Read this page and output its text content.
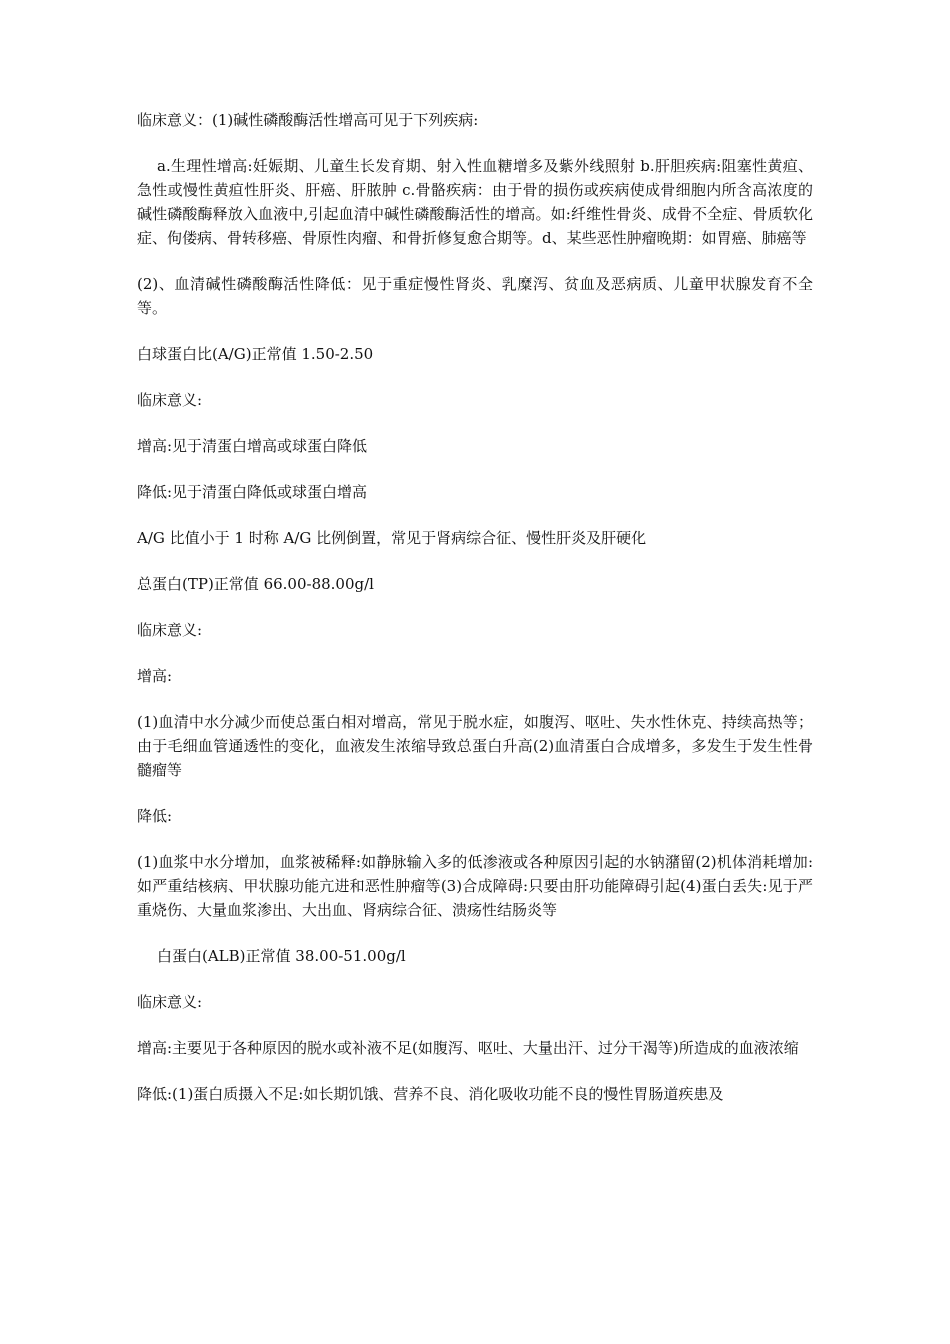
临床意义：(1)碱性磷酸酶活性增高可见于下列疾病:

a.生理性增高:妊娠期、儿童生长发育期、射入性血糖增多及紫外线照射 b.肝胆疾病:阻塞性黄疸、急性或慢性黄疸性肝炎、肝癌、肝脓肿 c.骨骼疾病：由于骨的损伤或疾病使成骨细胞内所含高浓度的碱性磷酸酶释放入血液中,引起血清中碱性磷酸酶活性的增高。如:纤维性骨炎、成骨不全症、骨质软化症、佝偻病、骨转移癌、骨原性肉瘤、和骨折修复愈合期等。d、某些恶性肿瘤晚期：如胃癌、肺癌等

(2)、血清碱性磷酸酶活性降低：见于重症慢性肾炎、乳糜泻、贫血及恶病质、儿童甲状腺发育不全等。

白球蛋白比(A/G)正常值 1.50-2.50

临床意义:

增高:见于清蛋白增高或球蛋白降低

降低:见于清蛋白降低或球蛋白增高

A/G 比值小于 1 时称 A/G 比例倒置，常见于肾病综合征、慢性肝炎及肝硬化

总蛋白(TP)正常值 66.00-88.00g/l

临床意义:

增高:

(1)血清中水分减少而使总蛋白相对增高，常见于脱水症，如腹泻、呕吐、失水性休克、持续高热等；由于毛细血管通透性的变化，血液发生浓缩导致总蛋白升高(2)血清蛋白合成增多，多发生于发生性骨髓瘤等

降低:

(1)血浆中水分增加，血浆被稀释:如静脉输入多的低渗液或各种原因引起的水钠潴留(2)机体消耗增加:如严重结核病、甲状腺功能亢进和恶性肿瘤等(3)合成障碍:只要由肝功能障碍引起(4)蛋白丢失:见于严重烧伤、大量血浆渗出、大出血、肾病综合征、溃疡性结肠炎等

白蛋白(ALB)正常值 38.00-51.00g/l

临床意义:

增高:主要见于各种原因的脱水或补液不足(如腹泻、呕吐、大量出汗、过分干渴等)所造成的血液浓缩

降低:(1)蛋白质摄入不足:如长期饥饿、营养不良、消化吸收功能不良的慢性胃肠道疾患及
